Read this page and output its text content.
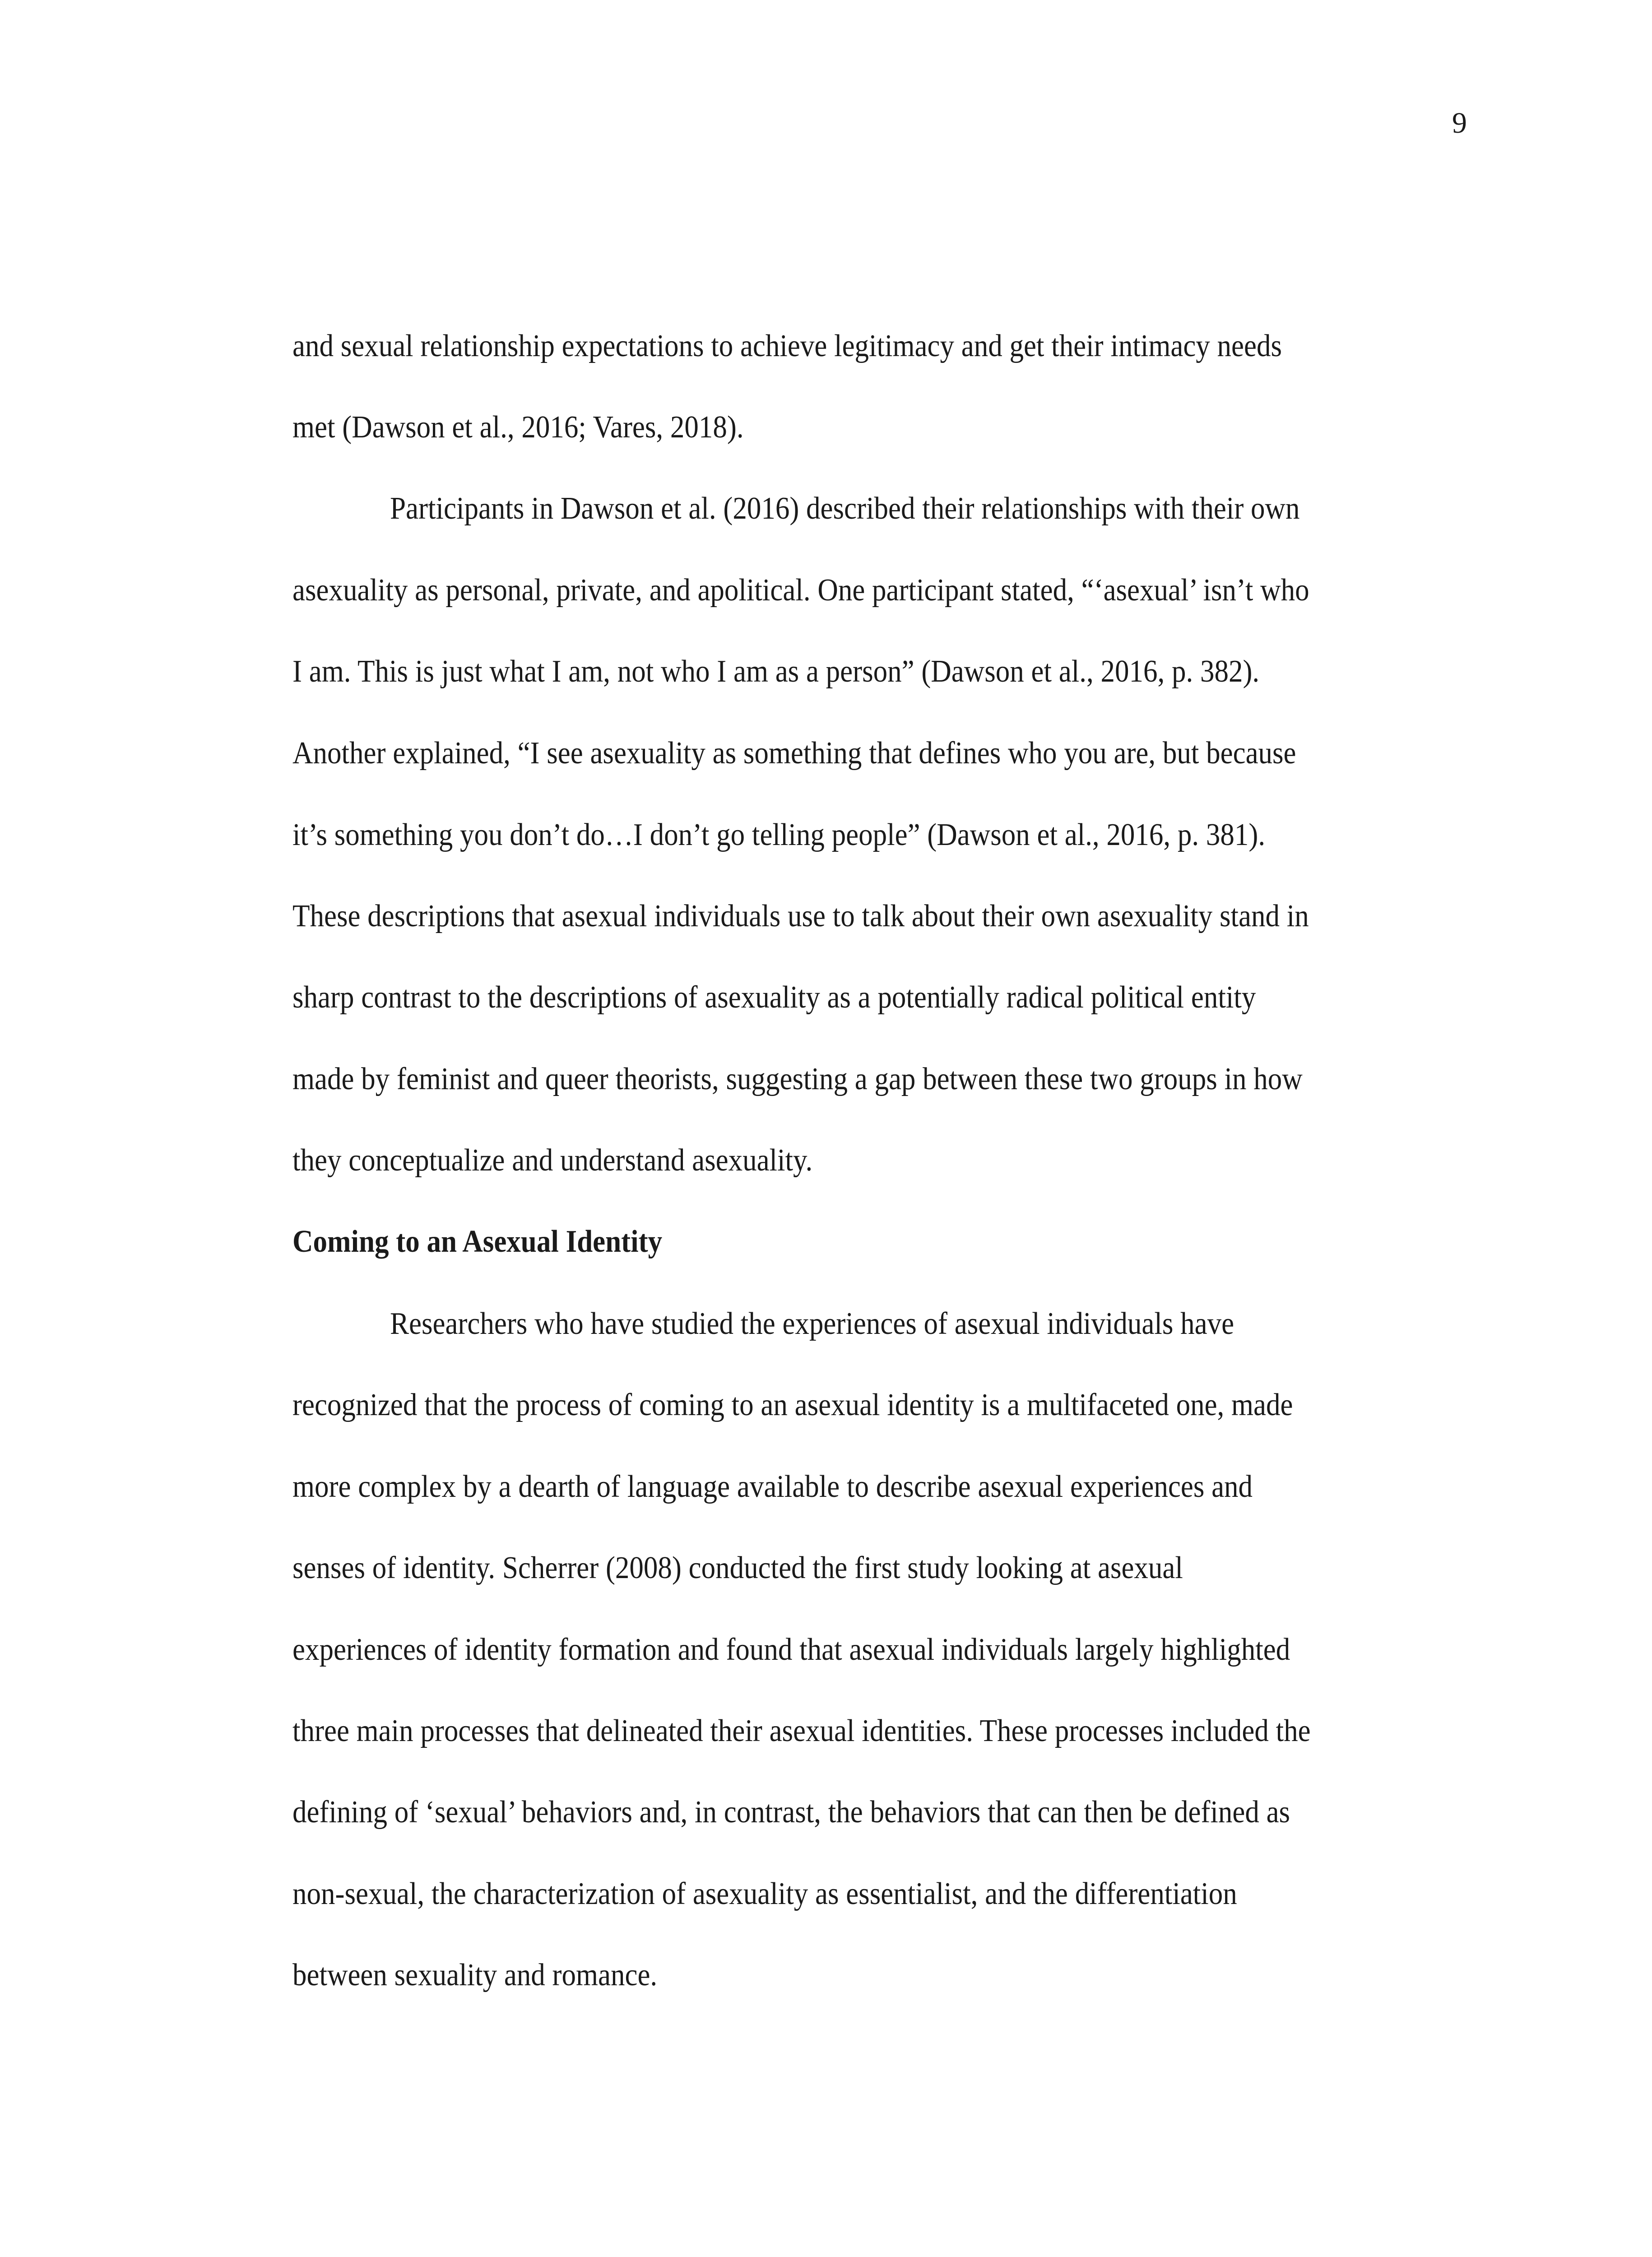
9
and sexual relationship expectations to achieve legitimacy and get their intimacy needs
met (Dawson et al., 2016; Vares, 2018).
Participants in Dawson et al. (2016) described their relationships with their own
asexuality as personal, private, and apolitical. One participant stated, “‘asexual’ isn’t who
I am. This is just what I am, not who I am as a person” (Dawson et al., 2016, p. 382).
Another explained, “I see asexuality as something that defines who you are, but because
it’s something you don’t do…I don’t go telling people” (Dawson et al., 2016, p. 381).
These descriptions that asexual individuals use to talk about their own asexuality stand in
sharp contrast to the descriptions of asexuality as a potentially radical political entity
made by feminist and queer theorists, suggesting a gap between these two groups in how
they conceptualize and understand asexuality.
Coming to an Asexual Identity
Researchers who have studied the experiences of asexual individuals have
recognized that the process of coming to an asexual identity is a multifaceted one, made
more complex by a dearth of language available to describe asexual experiences and
senses of identity. Scherrer (2008) conducted the first study looking at asexual
experiences of identity formation and found that asexual individuals largely highlighted
three main processes that delineated their asexual identities. These processes included the
defining of ‘sexual’ behaviors and, in contrast, the behaviors that can then be defined as
non-sexual, the characterization of asexuality as essentialist, and the differentiation
between sexuality and romance.
